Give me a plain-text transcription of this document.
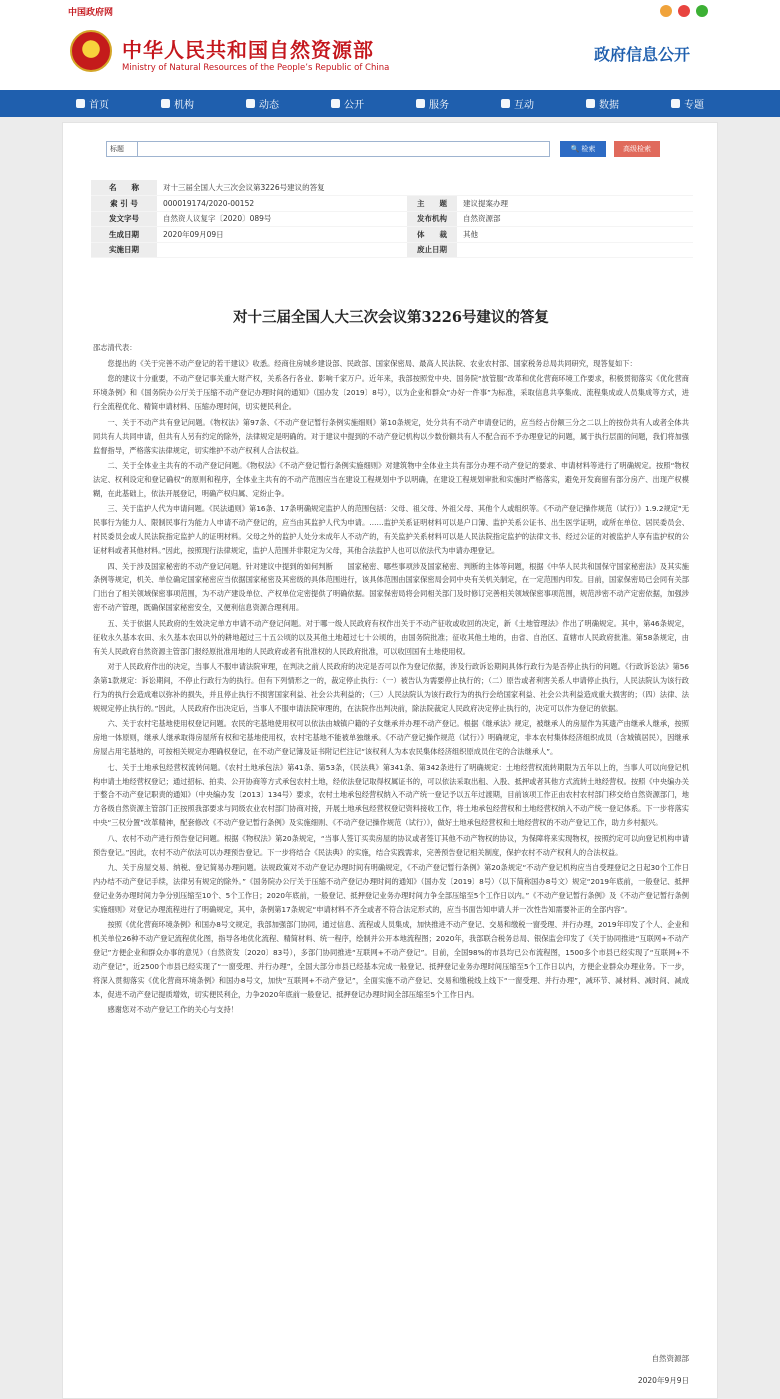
中国政府网
★
中华人民共和国自然资源部
Ministry of Natural Resources of the People’s Republic of China
政府信息公开
首页	机构	动态	公开	服务	互动	数据	专题
标题	🔍
检索	高级检索
名　　称	对十三届全国人大三次会议第3226号建议的答复		
索 引 号	000019174/2020-00152	主　　题	建议提案办理
发文字号	自然资人议复字〔2020〕089号	发布机构	自然资源部
生成日期	2020年09月09日	体　　裁	其他
实施日期		废止日期	
对十三届全国人大三次会议第3226号建议的答复

邵志清代表：

您提出的《关于完善不动产登记的若干建议》收悉。经商住房城乡建设部、民政部、国家保密局、最高人民法院、农业农村部、国家税务总局共同研究，现答复如下：

您的建议十分重要，不动产登记事关重大财产权，关系各行各业、影响千家万户。近年来，我部按照党中央、国务院“放管服”改革和优化营商环境工作要求，积极贯彻落实《优化营商环境条例》和《国务院办公厅关于压缩不动产登记办理时间的通知》（国办发〔2019〕8号），以为企业和群众“办好一件事”为标准，采取信息共享集成、流程集成或人员集成等方式，进行全流程优化、精简申请材料、压缩办理时间，切实便民利企。

一、关于不动产共有登记问题。《物权法》第97条、《不动产登记暂行条例实施细则》第10条规定，处分共有不动产申请登记的，应当经占份额三分之二以上的按份共有人或者全体共同共有人共同申请，但共有人另有约定的除外，法律规定是明确的。对于建议中提到的不动产登记机构以少数份额共有人不配合而不予办理登记的问题，属于执行层面的问题，我们将加强监督指导，严格落实法律规定，切实维护不动产权利人合法权益。

二、关于全体业主共有的不动产登记问题。《物权法》《不动产登记暂行条例实施细则》对建筑物中全体业主共有部分办理不动产登记的要求、申请材料等进行了明确规定。按照“物权法定、权利设定和登记确权”的原则和程序，全体业主共有的不动产范围应当在建设工程规划中予以明确，在建设工程规划审批和实施时严格落实，避免开发商留有部分房产、出现产权模糊，在此基础上，依法开展登记，明确产权归属、定纷止争。

三、关于监护人代为申请问题。《民法通则》第16条、17条明确规定监护人的范围包括：父母、祖父母、外祖父母、其他个人或组织等。《不动产登记操作规范（试行）》1.9.2规定“无民事行为能力人、限制民事行为能力人申请不动产登记的，应当由其监护人代为申请。……监护关系证明材料可以是户口簿、监护关系公证书、出生医学证明，或所在单位、居民委员会、村民委员会或人民法院指定监护人的证明材料。父母之外的监护人处分未成年人不动产的，有关监护关系材料可以是人民法院指定监护的法律文书、经过公证的对被监护人享有监护权的公证材料或者其他材料。”因此，按照现行法律规定，监护人范围并非限定为父母，其他合法监护人也可以依法代为申请办理登记。

四、关于涉及国家秘密的不动产登记问题。针对建议中提到的如何判断　　国家秘密、哪些事项涉及国家秘密、判断的主体等问题，根据《中华人民共和国保守国家秘密法》及其实施条例等规定，机关、单位确定国家秘密应当依据国家秘密及其密级的具体范围进行，该具体范围由国家保密局会同中央有关机关制定，在一定范围内印发。目前，国家保密局已会同有关部门出台了相关领域保密事项范围，为不动产建设单位、产权单位定密提供了明确依据。国家保密局将会同相关部门及时修订完善相关领域保密事项范围，规范涉密不动产定密依据，加强涉密不动产管理，既确保国家秘密安全，又便利信息资源合理利用。

五、关于依据人民政府的生效决定单方申请不动产登记问题。对于哪一级人民政府有权作出关于不动产征收或收回的决定，新《土地管理法》作出了明确规定。其中，第46条规定，征收永久基本农田、永久基本农田以外的耕地超过三十五公顷的以及其他土地超过七十公顷的，由国务院批准；征收其他土地的，由省、自治区、直辖市人民政府批准。第58条规定，由有关人民政府自然资源主管部门报经原批准用地的人民政府或者有批准权的人民政府批准，可以收回国有土地使用权。

对于人民政府作出的决定，当事人不服申请法院审理，在判决之前人民政府的决定是否可以作为登记依据，涉及行政诉讼期间具体行政行为是否停止执行的问题。《行政诉讼法》第56条第1款规定：诉讼期间，不停止行政行为的执行。但有下列情形之一的，裁定停止执行：（一）被告认为需要停止执行的；（二）原告或者利害关系人申请停止执行，人民法院认为该行政行为的执行会造成难以弥补的损失，并且停止执行不损害国家利益、社会公共利益的；（三）人民法院认为该行政行为的执行会给国家利益、社会公共利益造成重大损害的；（四）法律、法规规定停止执行的。”因此，人民政府作出决定后，当事人不服申请法院审理的，在法院作出判决前，除法院裁定人民政府决定停止执行的，决定可以作为登记的依据。

六、关于农村宅基地使用权登记问题。农民的宅基地使用权可以依法由城镇户籍的子女继承并办理不动产登记。根据《继承法》规定，被继承人的房屋作为其遗产由继承人继承，按照房地一体原则，继承人继承取得房屋所有权和宅基地使用权，农村宅基地不能被单独继承。《不动产登记操作规范（试行）》明确规定，非本农村集体经济组织成员（含城镇居民），因继承房屋占用宅基地的，可按相关规定办理确权登记，在不动产登记簿及证书附记栏注记“该权利人为本农民集体经济组织原成员住宅的合法继承人”。

七、关于土地承包经营权流转问题。《农村土地承包法》第41条、第53条，《民法典》第341条、第342条进行了明确规定：土地经营权流转期限为五年以上的，当事人可以向登记机构申请土地经营权登记；通过招标、拍卖、公开协商等方式承包农村土地，经依法登记取得权属证书的，可以依法采取出租、入股、抵押或者其他方式流转土地经营权。按照《中央编办关于整合不动产登记职责的通知》（中央编办发〔2013〕134号）要求，农村土地承包经营权纳入不动产统一登记予以五年过渡期，目前该项工作正由农村农村部门移交给自然资源部门，地方各级自然资源主管部门正按照我部要求与同级农业农村部门协商对接，开展土地承包经营权登记资料接收工作，将土地承包经营权和土地经营权纳入不动产统一登记体系。下一步将落实中央“三权分置”改革精神，配套修改《不动产登记暂行条例》及实施细则、《不动产登记操作规范（试行）》，做好土地承包经营权和土地经营权的不动产登记工作，助力乡村振兴。

八、农村不动产进行预告登记问题。根据《物权法》第20条规定，“当事人签订买卖房屋的协议或者签订其他不动产物权的协议，为保障将来实现物权，按照约定可以向登记机构申请预告登记。”因此，农村不动产依法可以办理预告登记。下一步将结合《民法典》的实施，结合实践需求，完善预告登记相关制度，保护农村不动产权利人的合法权益。

九、关于房屋交易、纳税、登记简易办理问题。法规政策对不动产登记办理时间有明确规定，《不动产登记暂行条例》第20条规定“不动产登记机构应当自受理登记之日起30个工作日内办结不动产登记手续，法律另有规定的除外。”《国务院办公厅关于压缩不动产登记办理时间的通知》（国办发〔2019〕8号）（以下简称国办8号文）规定“2019年底前，一般登记、抵押登记业务办理时间力争分别压缩至10个、5个工作日；2020年底前，一般登记、抵押登记业务办理时间力争全部压缩至5个工作日以内。”《不动产登记暂行条例》及《不动产登记暂行条例实施细则》对登记办理流程进行了明确规定，其中，条例第17条规定“申请材料不齐全或者不符合法定形式的，应当书面告知申请人并一次性告知需要补正的全部内容”。

按照《优化营商环境条例》和国办8号文规定，我部加强部门协同，通过信息、流程或人员集成，加快推进不动产登记、交易和缴税一窗受理、并行办理，2019年印发了个人、企业和机关单位26种不动产登记流程优化图，指导各地优化流程、精简材料、统一程序，绘制并公开本地流程图；2020年，我部联合税务总局、银保监会印发了《关于协同推进“互联网+不动产登记”方便企业和群众办事的意见》（自然资发〔2020〕83号），多部门协同推进“互联网+不动产登记”。目前，全国98%的市县均已公布流程图，1500多个市县已经实现了“互联网+不动产登记”，近2500个市县已经实现了“一窗受理、并行办理”，全国大部分市县已经基本完成一般登记、抵押登记业务办理时间压缩至5个工作日以内，方便企业群众办理业务。下一步，将深入贯彻落实《优化营商环境条例》和国办8号文，加快“互联网+不动产登记”，全面实施不动产登记、交易和缴税线上线下“一窗受理、并行办理”，减环节、减材料、减时间、减成本，促进不动产登记提质增效，切实便民利企，力争2020年底前一般登记、抵押登记办理时间全部压缩至5个工作日内。

感谢您对不动产登记工作的关心与支持！

自然资源部
2020年9月9日
